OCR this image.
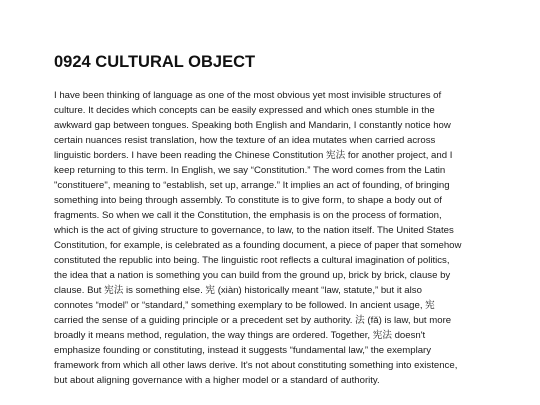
0924 CULTURAL OBJECT

I have been thinking of language as one of the most obvious yet most invisible structures of
culture. It decides which concepts can be easily expressed and which ones stumble in the
awkward gap between tongues. Speaking both English and Mandarin, I constantly notice how
certain nuances resist translation, how the texture of an idea mutates when carried across
linguistic borders. I have been reading the Chinese Constitution 宪法 for another project, and I
keep returning to this term. In English, we say “Constitution.” The word comes from the Latin
"constituere", meaning to “establish, set up, arrange.” It implies an act of founding, of bringing
something into being through assembly. To constitute is to give form, to shape a body out of
fragments. So when we call it the Constitution, the emphasis is on the process of formation,
which is the act of giving structure to governance, to law, to the nation itself. The United States
Constitution, for example, is celebrated as a founding document, a piece of paper that somehow
constituted the republic into being. The linguistic root reflects a cultural imagination of politics,
the idea that a nation is something you can build from the ground up, brick by brick, clause by
clause. But 宪法 is something else. 宪 (xiàn) historically meant “law, statute,” but it also
connotes “model” or “standard,” something exemplary to be followed. In ancient usage, 宪
carried the sense of a guiding principle or a precedent set by authority. 法 (fǎ) is law, but more
broadly it means method, regulation, the way things are ordered. Together, 宪法 doesn't
emphasize founding or constituting, instead it suggests “fundamental law,” the exemplary
framework from which all other laws derive. It's not about constituting something into existence,
but about aligning governance with a higher model or a standard of authority.
